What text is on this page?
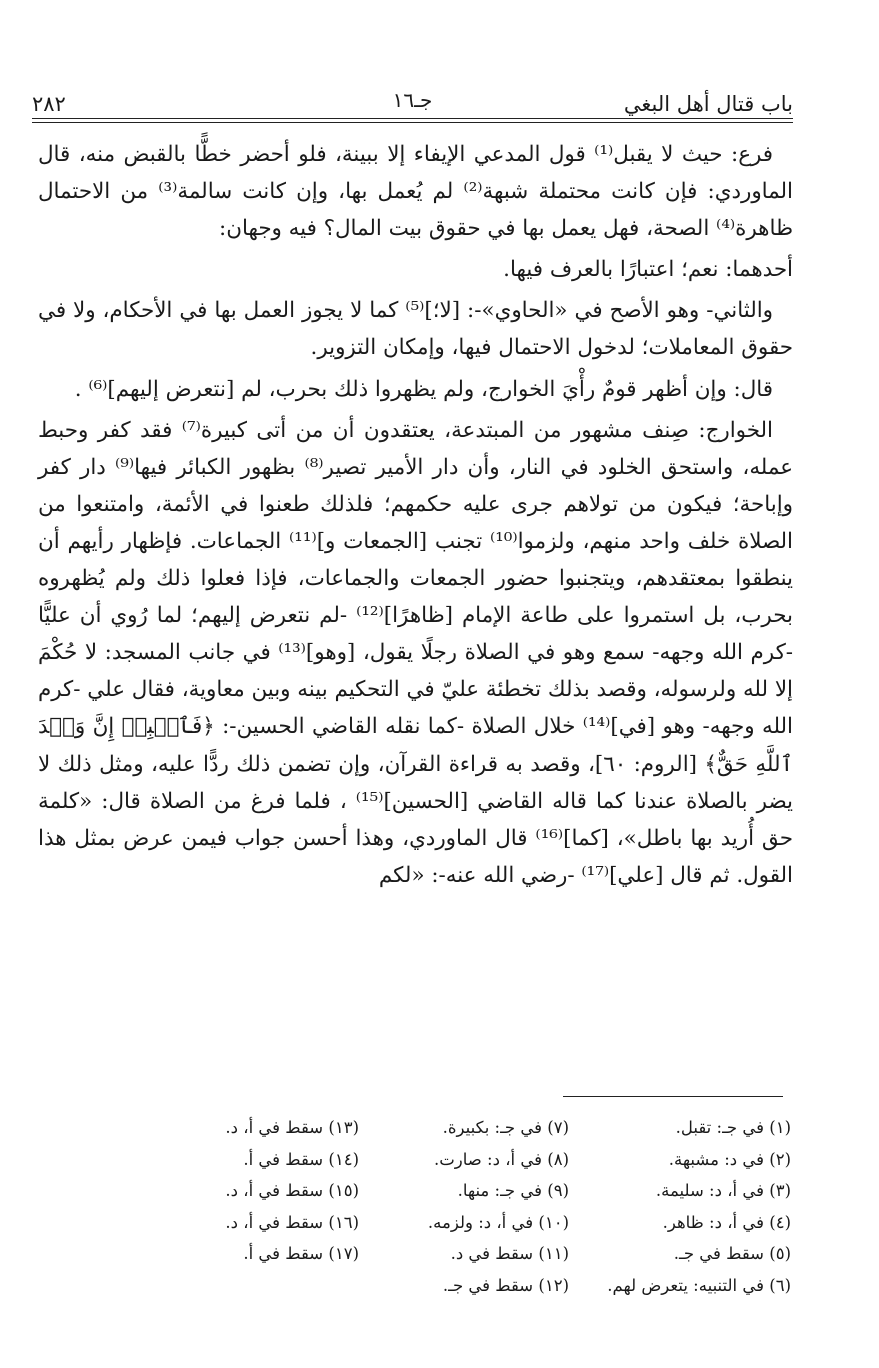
باب قتال أهل البغي
جـ١٦
٢٨٢

فرع: حيث لا يقبل⁽¹⁾ قول المدعي الإيفاء إلا ببينة، فلو أحضر خطًّا بالقبض منه، قال الماوردي: فإن كانت محتملة شبهة⁽²⁾ لم يُعمل بها، وإن كانت سالمة⁽³⁾ من الاحتمال ظاهرة⁽⁴⁾ الصحة، فهل يعمل بها في حقوق بيت المال؟ فيه وجهان:

أحدهما: نعم؛ اعتبارًا بالعرف فيها.

والثاني- وهو الأصح في «الحاوي»-: [لا؛]⁽⁵⁾ كما لا يجوز العمل بها في الأحكام، ولا في حقوق المعاملات؛ لدخول الاحتمال فيها، وإمكان التزوير.

قال: وإن أظهر قومٌ رأْيَ الخوارج، ولم يظهروا ذلك بحرب، لم [نتعرض إليهم]⁽⁶⁾ .

الخوارج: صِنف مشهور من المبتدعة، يعتقدون أن من أتى كبيرة⁽⁷⁾ فقد كفر وحبط عمله، واستحق الخلود في النار، وأن دار الأمير تصير⁽⁸⁾ بظهور الكبائر فيها⁽⁹⁾ دار كفر وإباحة؛ فيكون من تولاهم جرى عليه حكمهم؛ فلذلك طعنوا في الأئمة، وامتنعوا من الصلاة خلف واحد منهم، ولزموا⁽¹⁰⁾ تجنب [الجمعات و]⁽¹¹⁾ الجماعات. فإظهار رأيهم أن ينطقوا بمعتقدهم، ويتجنبوا حضور الجمعات والجماعات، فإذا فعلوا ذلك ولم يُظهروه بحرب، بل استمروا على طاعة الإمام [ظاهرًا]⁽¹²⁾ -لم نتعرض إليهم؛ لما رُوي أن عليًّا -كرم الله وجهه- سمع وهو في الصلاة رجلًا يقول، [وهو]⁽¹³⁾ في جانب المسجد: لا حُكْمَ إلا لله ولرسوله، وقصد بذلك تخطئة عليّ في التحكيم بينه وبين معاوية، فقال علي -كرم الله وجهه- وهو [في]⁽¹⁴⁾ خلال الصلاة -كما نقله القاضي الحسين-: ﴿فَٱصۡبِرۡ إِنَّ وَعۡدَ ٱللَّهِ حَقٌّ﴾ [الروم: ٦٠]، وقصد به قراءة القرآن، وإن تضمن ذلك ردًّا عليه، ومثل ذلك لا يضر بالصلاة عندنا كما قاله القاضي [الحسين]⁽¹⁵⁾ ، فلما فرغ من الصلاة قال: «كلمة حق أُريد بها باطل»، [كما]⁽¹⁶⁾ قال الماوردي، وهذا أحسن جواب فيمن عرض بمثل هذا القول. ثم قال [علي]⁽¹⁷⁾ -رضي الله عنه-: «لكم

(١) في جـ: تقبل.
(٢) في د: مشبهة.
(٣) في أ، د: سليمة.
(٤) في أ، د: ظاهر.
(٥) سقط في جـ.
(٦) في التنبيه: يتعرض لهم.
(٧) في جـ: بكبيرة.
(٨) في أ، د: صارت.
(٩) في جـ: منها.
(١٠) في أ، د: ولزمه.
(١١) سقط في د.
(١٢) سقط في جـ.
(١٣) سقط في أ، د.
(١٤) سقط في أ.
(١٥) سقط في أ، د.
(١٦) سقط في أ، د.
(١٧) سقط في أ.
